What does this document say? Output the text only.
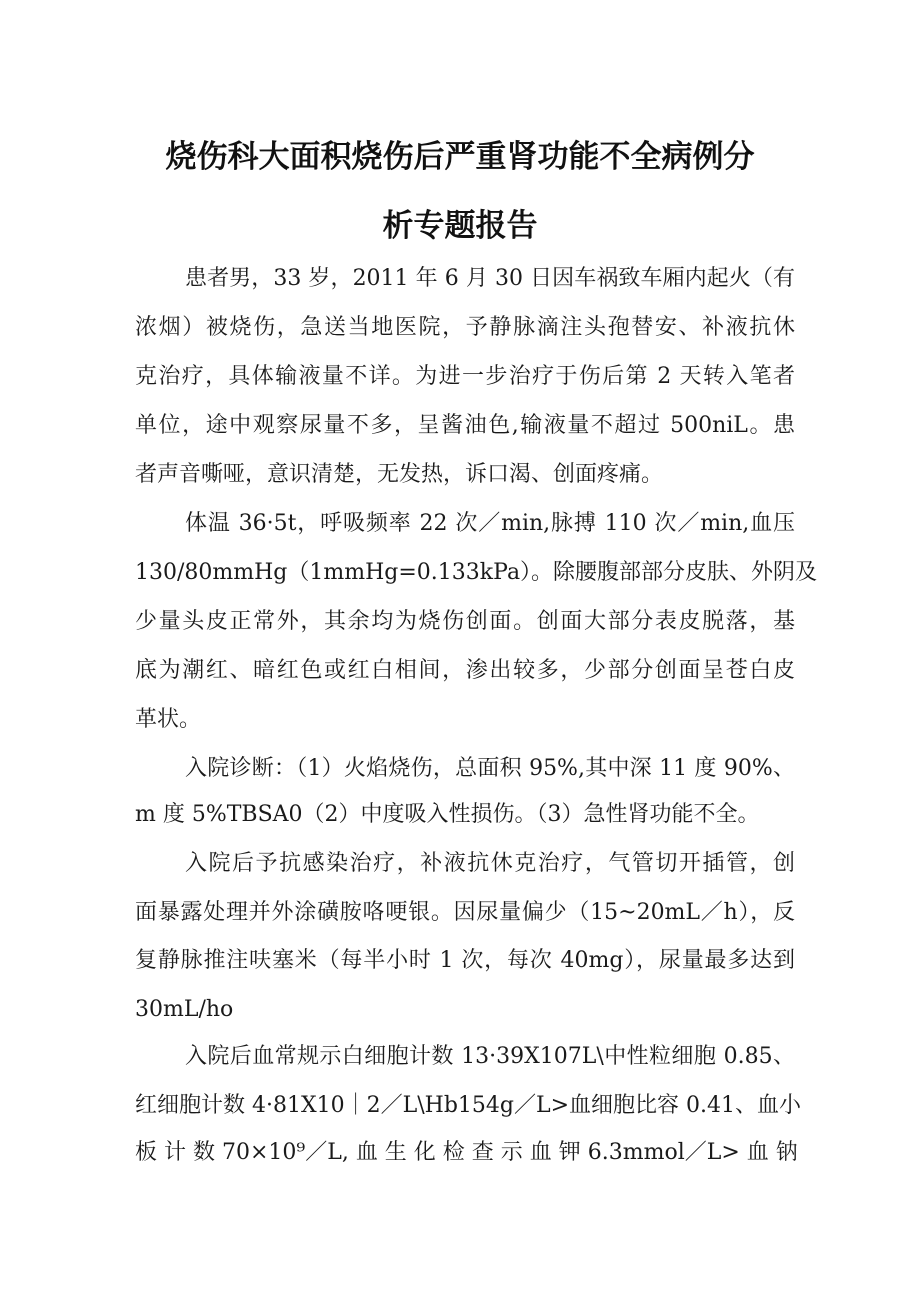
烧伤科大面积烧伤后严重肾功能不全病例分
析专题报告
患者男，33 岁，2011 年 6 月 30 日因车祸致车厢内起火（有
浓烟）被烧伤，急送当地医院，予静脉滴注头孢替安、补液抗休
克治疗，具体输液量不详。为进一步治疗于伤后第 2 天转入笔者
单位，途中观察尿量不多，呈酱油色,输液量不超过 500niL。患
者声音嘶哑，意识清楚，无发热，诉口渴、创面疼痛。
体温 36·5t，呼吸频率 22 次／min,脉搏 110 次／min,血压
130/80mmHg（1mmHg=0.133kPa）。除腰腹部部分皮肤、外阴及
少量头皮正常外，其余均为烧伤创面。创面大部分表皮脱落，基
底为潮红、暗红色或红白相间，渗出较多，少部分创面呈苍白皮
革状。
入院诊断：（1）火焰烧伤，总面积 95%,其中深 11 度 90%、
m 度 5%TBSA0（2）中度吸入性损伤。（3）急性肾功能不全。
入院后予抗感染治疗，补液抗休克治疗，气管切开插管，创
面暴露处理并外涂磺胺咯哽银。因尿量偏少（15~20mL／h），反
复静脉推注呋塞米（每半小时 1 次，每次 40mg），尿量最多达到
30mL/ho
入院后血常规示白细胞计数 13·39X107L\中性粒细胞 0.85、
红细胞计数 4·81X10｜2／L\Hb154g／L>血细胞比容 0.41、血小
板 计 数 70×10⁹／L, 血 生 化 检 查 示 血 钾 6.3mmol／L> 血 钠
